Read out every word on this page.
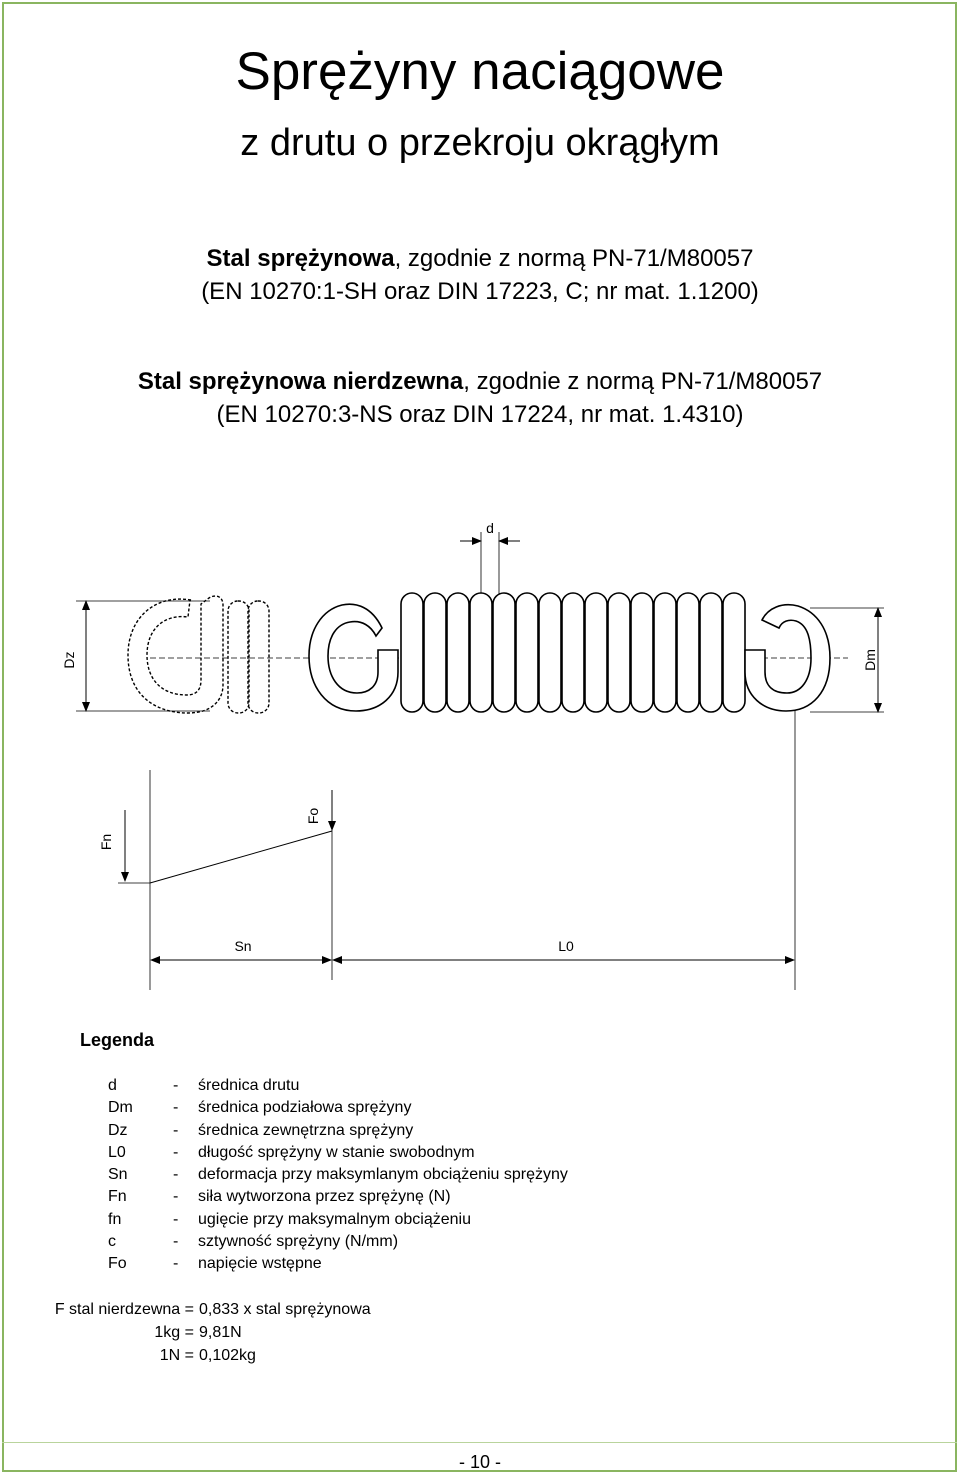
Sprężyny naciągowe
z drutu o przekroju okrągłym
Stal sprężynowa, zgodnie z normą PN-71/M80057
(EN 10270:1-SH oraz DIN 17223, C; nr mat. 1.1200)
Stal sprężynowa nierdzewna, zgodnie z normą PN-71/M80057
(EN 10270:3-NS oraz DIN 17224, nr mat. 1.4310)
d
Dz	Dm
Fn
Fo
Sn	L0
Legenda
d
Dm
Dz
L0
Sn
Fn
fn
c
Fo
-
-
-
-
-
-
-
-
-
średnica drutu
średnica podziałowa sprężyny
średnica zewnętrzna sprężyny
długość sprężyny w stanie swobodnym
deformacja przy maksymlanym obciążeniu sprężyny
siła wytworzona przez sprężynę (N)
ugięcie przy maksymalnym obciążeniu
sztywność sprężyny (N/mm)
napięcie wstępne
F stal nierdzewna =
1kg =
1N =
0,833 x stal sprężynowa
9,81N
0,102kg
- 10 -
